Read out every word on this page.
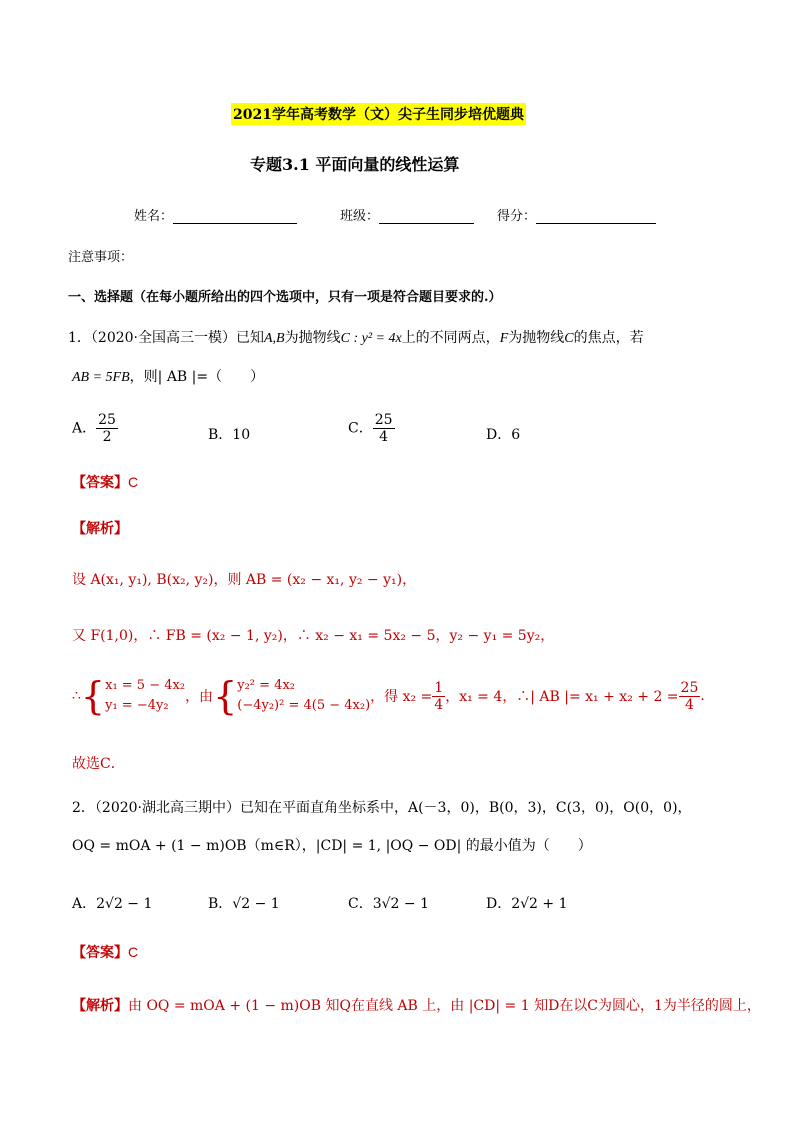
2021学年高考数学（文）尖子生同步培优题典
专题3.1 平面向量的线性运算
姓名：	班级：	得分：
注意事项：
一、选择题（在每小题所给出的四个选项中，只有一项是符合题目要求的.）
1．（2020·全国高三一模）已知A,B为抛物线C : y² = 4x上的不同两点，F为抛物线C的焦点，若
AB = 5FB，则| AB |=（　　）
A． $\frac{25}{2}$	B．10	C． $\frac{25}{4}$	D．6
【答案】C
【解析】
设 A(x₁, y₁), B(x₂, y₂)，则 AB = (x₂ − x₁, y₂ − y₁)，
又 F(1,0)，∴ FB = (x₂ − 1, y₂)，∴ x₂ − x₁ = 5x₂ − 5，y₂ − y₁ = 5y₂，
∴ { x₁ = 5 − 4x₂
y₁ = −4y₂
，由 { y₂² = 4x₂
(−4y₂)² = 4(5 − 4x₂)
，得 $x_2 = \frac{1}{4}$ ，x₁ = 4，∴| AB |= $x_1 + x_2 + 2 = \frac{25}{4}$ .
故选C．
2．（2020·湖北高三期中）已知在平面直角坐标系中，A(－3，0)，B(0，3)，C(3，0)，O(0，0)，
OQ = mOA + (1 − m)OB（m∈R），|CD| = 1, |OQ − OD| 的最小值为（　　）
A．2√2 − 1	B．√2 − 1	C．3√2 − 1	D．2√2 + 1
【答案】C
【解析】由 OQ = mOA + (1 − m)OB 知Q在直线 AB 上，由 |CD| = 1 知D在以C为圆心，1为半径的圆上，
